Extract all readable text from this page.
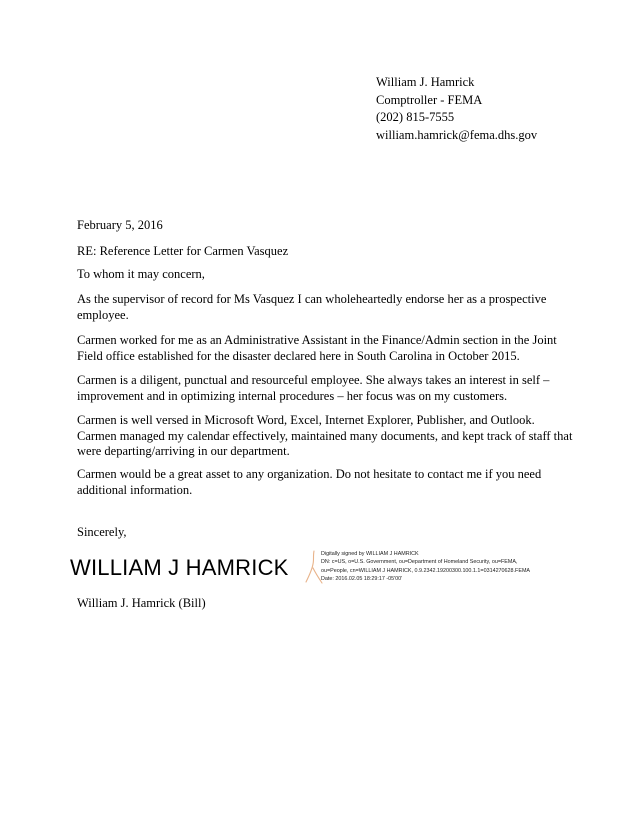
William J. Hamrick
Comptroller - FEMA
(202) 815-7555
william.hamrick@fema.dhs.gov
February 5, 2016
RE: Reference Letter for Carmen Vasquez
To whom it may concern,

As the supervisor of record for Ms Vasquez I can wholeheartedly endorse her as a prospective employee.

Carmen worked for me as an Administrative Assistant in the Finance/Admin section in the Joint Field office established for the disaster declared here in South Carolina in October 2015.

Carmen is a diligent, punctual and resourceful employee. She always takes an interest in self – improvement and in optimizing internal procedures – her focus was on my customers.

Carmen is well versed in Microsoft Word, Excel, Internet Explorer, Publisher, and Outlook. Carmen managed my calendar effectively, maintained many documents, and kept track of staff that were departing/arriving in our department.

Carmen would be a great asset to any organization. Do not hesitate to contact me if you need additional information.

Sincerely,
WILLIAM J HAMRICK
Digitally signed by WILLIAM J HAMRICK
DN: c=US, o=U.S. Government, ou=Department of Homeland Security, ou=FEMA,
ou=People, cn=WILLIAM J HAMRICK, 0.9.2342.19200300.100.1.1=0314270628.FEMA
Date: 2016.02.05 18:29:17 -05'00'
William J. Hamrick (Bill)
